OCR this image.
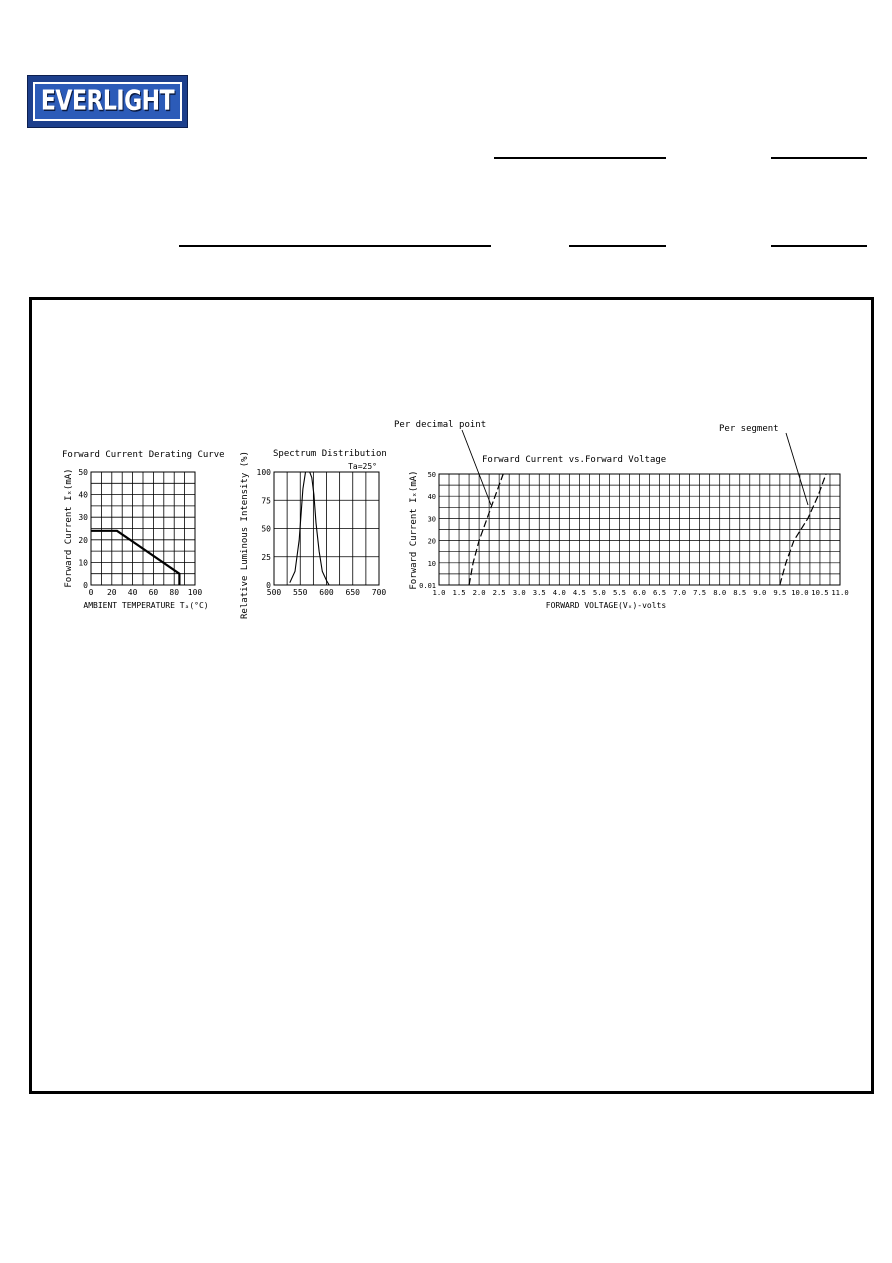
EVERLIGHT
Forward Current Derating Curve
Forward Current Iₓ(mA)
AMBIENT TEMPERATURE Tₐ(°C)
Spectrum Distribution
Ta=25°
Relative Luminous Intensity (%)	Forward Current vs.Forward Voltage
Forward Current Iₓ(mA)
FORWARD VOLTAGE(Vₓ)-volts
Per decimal point	Per segment
0 20 40 60 80 100
0
10
20
30
40
50
500 550 600 650 700
0
25
50
75
100
1.0 1.5 2.0 2.5 3.0 3.5 4.0 4.5 5.0 5.5 6.0 6.5 7.0 7.5 8.0 8.5 9.0 9.5 10.0 10.5 11.0
0.01
10
20
30
40
50
